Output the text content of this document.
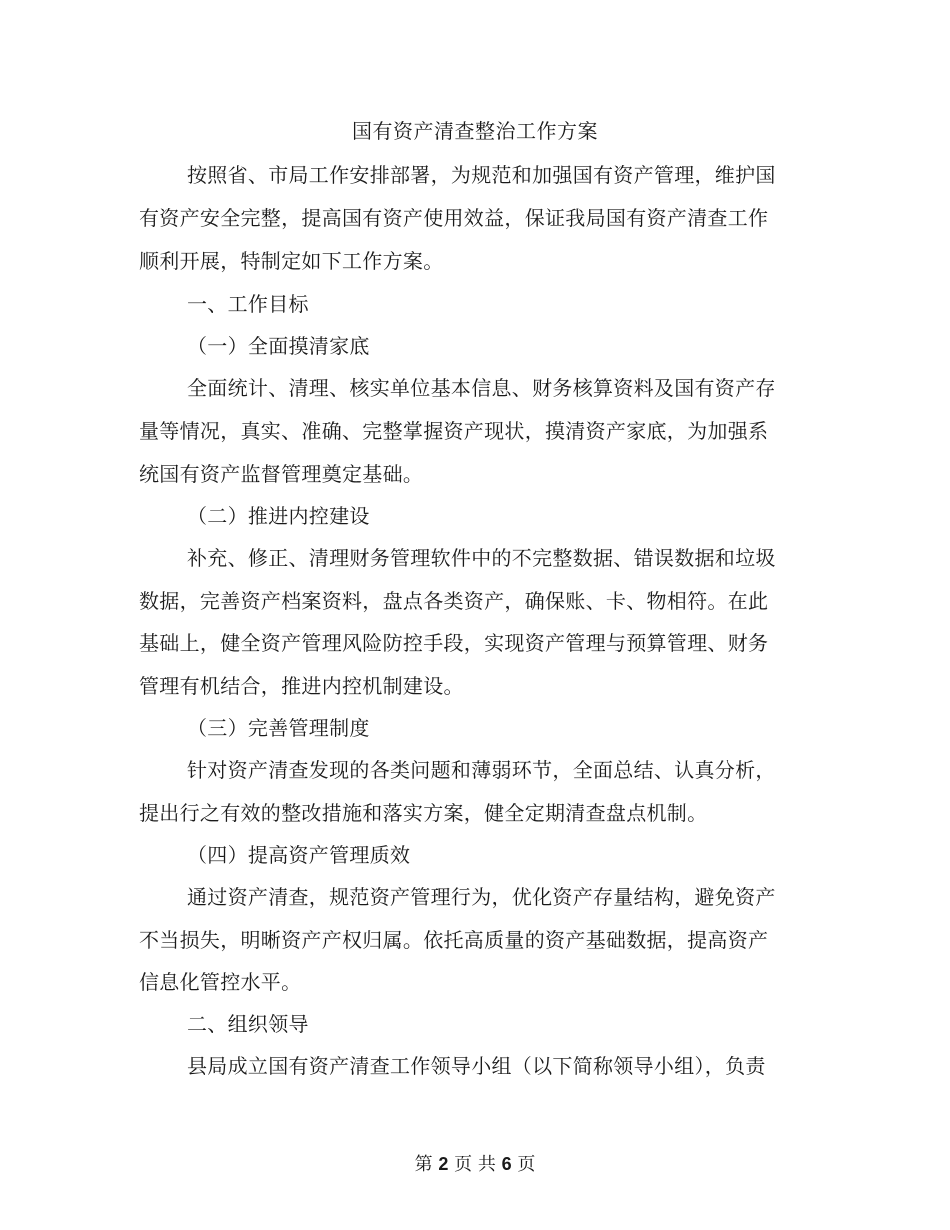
国有资产清查整治工作方案
按照省、市局工作安排部署，为规范和加强国有资产管理，维护国
有资产安全完整，提高国有资产使用效益，保证我局国有资产清查工作
顺利开展，特制定如下工作方案。
一、工作目标
（一）全面摸清家底
全面统计、清理、核实单位基本信息、财务核算资料及国有资产存
量等情况，真实、准确、完整掌握资产现状，摸清资产家底，为加强系
统国有资产监督管理奠定基础。
（二）推进内控建设
补充、修正、清理财务管理软件中的不完整数据、错误数据和垃圾
数据，完善资产档案资料，盘点各类资产，确保账、卡、物相符。在此
基础上，健全资产管理风险防控手段，实现资产管理与预算管理、财务
管理有机结合，推进内控机制建设。
（三）完善管理制度
针对资产清查发现的各类问题和薄弱环节，全面总结、认真分析，
提出行之有效的整改措施和落实方案，健全定期清查盘点机制。
（四）提高资产管理质效
通过资产清查，规范资产管理行为，优化资产存量结构，避免资产
不当损失，明晰资产产权归属。依托高质量的资产基础数据，提高资产
信息化管控水平。
二、组织领导
县局成立国有资产清查工作领导小组（以下简称领导小组），负责
第 2 页 共 6 页
